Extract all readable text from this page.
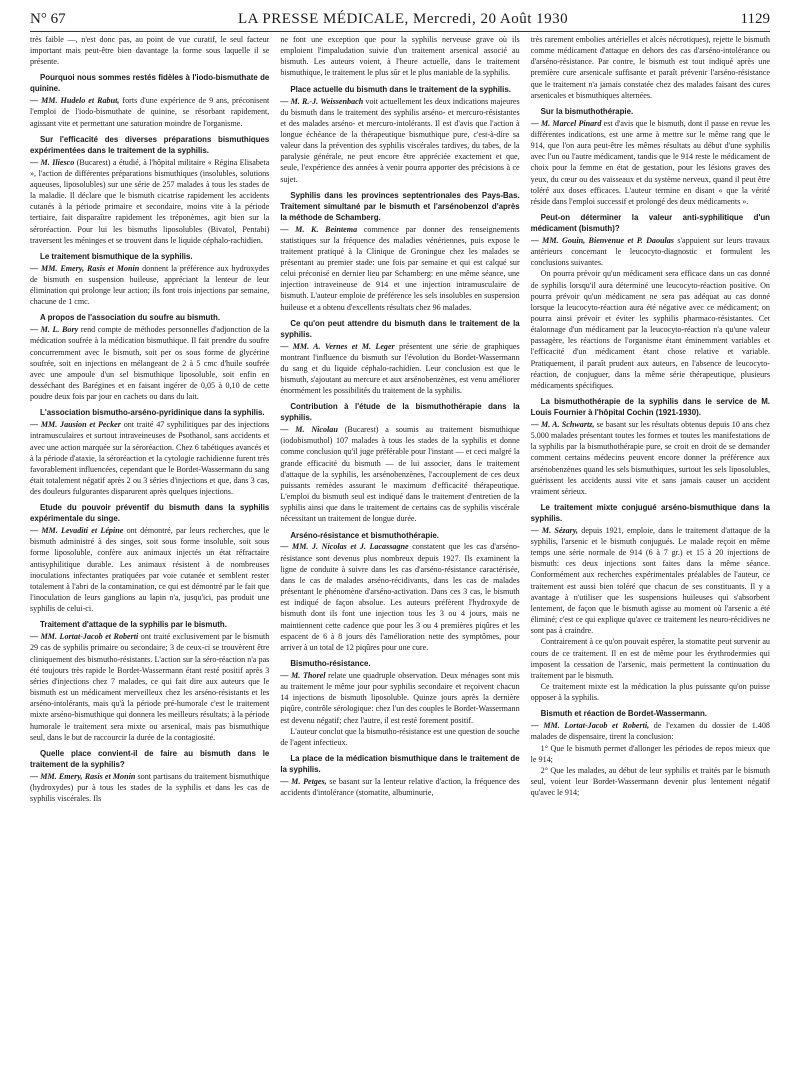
N° 67	LA PRESSE MÉDICALE, Mercredi, 20 Août 1930	1129

très faible —, n'est donc pas, au point de vue curatif, le seul facteur important mais peut-être bien davantage la forme sous laquelle il se présente.

Pourquoi nous sommes restés fidèles à l'iodo-bismuthate de quinine.

— MM. Hudelo et Rabut, forts d'une expérience de 9 ans, préconisent l'emploi de l'iodo-bismuthate de quinine, se résorbant rapidement, agissant vite et permettant une saturation moindre de l'organisme.

Sur l'efficacité des diverses préparations bismuthiques expérimentées dans le traitement de la syphilis.

— M. Iliesco (Bucarest) a étudié, à l'hôpital militaire « Régina Elisabeta », l'action de différentes préparations bismuthiques (insolubles, solutions aqueuses, liposolubles) sur une série de 257 malades à tous les stades de la maladie. Il déclare que le bismuth cicatrise rapidement les accidents cutanés à la période primaire et secondaire, moins vite à la période tertiaire, fait disparaître rapidement les tréponèmes, agit bien sur la séroréaction. Pour lui les bismuths liposolubles (Bivatol, Pentabi) traversent les méninges et se trouvent dans le liquide céphalo-rachidien.

Le traitement bismuthique de la syphilis.

— MM. Emery, Rasis et Monin donnent la préférence aux hydroxydes de bismuth en suspension huileuse, appréciant la lenteur de leur élimination qui prolonge leur action; ils font trois injections par semaine, chacune de 1 cmc.

A propos de l'association du soufre au bismuth.

— M. L. Bory rend compte de méthodes personnelles d'adjonction de la médication soufrée à la médication bismuthique. Il fait prendre du soufre concurremment avec le bismuth, soit per os sous forme de glycérine soufrée, soit en injections en mélangeant de 2 à 5 cmc d'huile soufrée avec une ampoule d'un sel bismuthique liposoluble, soit enfin en desséchant des Barégines et en faisant ingérer de 0,05 à 0,10 de cette poudre deux fois par jour en cachets ou dans du lait.

L'association bismutho-arséno-pyridinique dans la syphilis.

— MM. Jausion et Pecker ont traité 47 syphilitiques par des injections intramusculaires et surtout intraveineuses de Psothanol, sans accidents et avec une action marquée sur la séroréaction. Chez 6 tabétiques avancés et à la période d'ataxie, la séroréaction et la cytologie rachidienne furent très favorablement influencées, cependant que le Bordet-Wassermann du sang était totalement négatif après 2 ou 3 séries d'injections et que, dans 3 cas, des douleurs fulgurantes disparurent après quelques injections.

Etude du pouvoir préventif du bismuth dans la syphilis expérimentale du singe.

— MM. Levaditi et Lépine ont démontré, par leurs recherches, que le bismuth administré à des singes, soit sous forme insoluble, soit sous forme liposoluble, confère aux animaux injectés un état réfractaire antisyphilitique durable. Les animaux résistent à de nombreuses inoculations infectantes pratiquées par voie cutanée et semblent rester totalement à l'abri de la contamination, ce qui est démontré par le fait que l'inoculation de leurs ganglions au lapin n'a, jusqu'ici, pas produit une syphilis de celui-ci.

Traitement d'attaque de la syphilis par le bismuth.

— MM. Lortat-Jacob et Roberti ont traité exclusivement par le bismuth 29 cas de syphilis primaire ou secondaire; 3 de ceux-ci se trouvèrent être cliniquement des bismutho-résistants. L'action sur la séro-réaction n'a pas été toujours très rapide le Bordet-Wassermann étant resté positif après 3 séries d'injections chez 7 malades, ce qui fait dire aux auteurs que le bismuth est un médicament merveilleux chez les arséno-résistants et les arséno-intolérants, mais qu'à la période pré-humorale c'est le traitement mixte arséno-bismuthique qui donnera les meilleurs résultats; à la période humorale le traitement sera mixte ou arsenical, mais pas bismuthique seul, dans le but de raccourcir la durée de la contagiosité.

Quelle place convient-il de faire au bismuth dans le traitement de la syphilis?

— MM. Emery, Rasis et Monin sont partisans du traitement bismuthique (hydroxydes) pur à tous les stades de la syphilis et dans les cas de syphilis viscérales. Ils

ne font une exception que pour la syphilis nerveuse grave où ils emploient l'impaludation suivie d'un traitement arsenical associé au bismuth. Les auteurs voient, à l'heure actuelle, dans le traitement bismuthique, le traitement le plus sûr et le plus maniable de la syphilis.

Place actuelle du bismuth dans le traitement de la syphilis.

— M. R.-J. Weissenbach voit actuellement les deux indications majeures du bismuth dans le traitement des syphilis arséno- et mercuro-résistantes et des malades arséno- et mercuro-intolérants. Il est d'avis que l'action à longue échéance de la thérapeutique bismuthique pure, c'est-à-dire sa valeur dans la prévention des syphilis viscérales tardives, du tabes, de la paralysie générale, ne peut encore être appréciée exactement et que, seule, l'expérience des années à venir pourra apporter des précisions à ce sujet.

Syphilis dans les provinces septentrionales des Pays-Bas. Traitement simultané par le bismuth et l'arsénobenzol d'après la méthode de Schamberg.

— M. K. Beintema commence par donner des renseignements statistiques sur la fréquence des maladies vénériennes, puis expose le traitement pratiqué à la Clinique de Groningue chez les malades se présentant au premier stade: une fois par semaine et qui est calqué sur celui préconisé en dernier lieu par Schamberg: en une même séance, une injection intraveineuse de 914 et une injection intramusculaire de bismuth. L'auteur emploie de préférence les sels insolubles en suspension huileuse et a obtenu d'excellents résultats chez 96 malades.

Ce qu'on peut attendre du bismuth dans le traitement de la syphilis.

— MM. A. Vernes et M. Leger présentent une série de graphiques montrant l'influence du bismuth sur l'évolution du Bordet-Wassermann du sang et du liquide céphalo-rachidien. Leur conclusion est que le bismuth, s'ajoutant au mercure et aux arsénobenzènes, est venu améliorer énormément les possibilités du traitement de la syphilis.

Contribution à l'étude de la bismuthothérapie dans la syphilis.

— M. Nicolau (Bucarest) a soumis au traitement bismuthique (iodobismuthol) 107 malades à tous les stades de la syphilis et donne comme conclusion qu'il juge préférable pour l'instant — et ceci malgré la grande efficacité du bismuth — de lui associer, dans le traitement d'attaque de la syphilis, les arsénobenzènes, l'accouplement de ces deux puissants remèdes assurant le maximum d'efficacité thérapeutique. L'emploi du bismuth seul est indiqué dans le traitement d'entretien de la syphilis ainsi que dans le traitement de certains cas de syphilis viscérale nécessitant un traitement de longue durée.

Arséno-résistance et bismuthothérapie.

— MM. J. Nicolas et J. Lacassagne constatent que les cas d'arséno-résistance sont devenus plus nombreux depuis 1927. Ils examinent la ligne de conduite à suivre dans les cas d'arséno-résistance caractérisée, dans le cas de malades arséno-récidivants, dans les cas de malades présentant le phénomène d'arséno-activation. Dans ces 3 cas, le bismuth est indiqué de façon absolue. Les auteurs préfèrent l'hydroxyde de bismuth dont ils font une injection tous les 3 ou 4 jours, mais ne maintiennent cette cadence que pour les 3 ou 4 premières piqûres et les espacent de 6 à 8 jours dès l'amélioration nette des symptômes, pour arriver à un total de 12 piqûres pour une cure.

Bismutho-résistance.

— M. Thorel relate une quadruple observation. Deux ménages sont mis au traitement le même jour pour syphilis secondaire et reçoivent chacun 14 injections de bismuth liposoluble. Quinze jours après la dernière piqûre, contrôle sérologique: chez l'un des couples le Bordet-Wassermann est devenu négatif; chez l'autre, il est resté forement positif.

L'auteur conclut que la bismutho-résistance est une question de souche de l'agent infectieux.

La place de la médication bismuthique dans le traitement de la syphilis.

— M. Petges, se basant sur la lenteur relative d'action, la fréquence des accidents d'intolérance (stomatite, albuminurie,

très rarement embolies artérielles et alcès nécrotiques), rejette le bismuth comme médicament d'attaque en dehors des cas d'arséno-intolérance ou d'arséno-résistance. Par contre, le bismuth est tout indiqué après une première cure arsenicale suffisante et paraît prévenir l'arséno-résistance que le traitement n'a jamais constatée chez des malades faisant des cures arsenicales et bismuthiques alternées.

Sur la bismuthothérapie.

— M. Marcel Pinard est d'avis que le bismuth, dont il passe en revue les différentes indications, est une arme à mettre sur le même rang que le 914, que l'on aura peut-être les mêmes résultats au début d'une syphilis avec l'un ou l'autre médicament, tandis que le 914 reste le médicament de choix pour la femme en état de gestation, pour les lésions graves des yeux, du cœur ou des vaisseaux et du système nerveux, quand il peut être toléré aux doses efficaces. L'auteur termine en disant « que la vérité réside dans l'emploi successif et prolongé des deux médicaments ».

Peut-on déterminer la valeur anti-syphilitique d'un médicament (bismuth)?

— MM. Gouin, Bienvenue et P. Daoulas s'appuient sur leurs travaux antérieurs concernant le leucocyto-diagnostic et formulent les conclusions suivantes.

On pourra prévoir qu'un médicament sera efficace dans un cas donné de syphilis lorsqu'il aura déterminé une leucocyto-réaction positive. On pourra prévoir qu'un médicament ne sera pas adéquat au cas donné lorsque la leucocyto-réaction aura été négative avec ce médicament; on pourra ainsi prévoir et éviter les syphilis pharmaco-résistantes. Cet étalonnage d'un médicament par la leucocyto-réaction n'a qu'une valeur passagère, les réactions de l'organisme étant éminemment variables et l'efficacité d'un médicament étant chose relative et variable. Pratiquement, il paraît prudent aux auteurs, en l'absence de leucocyto-réaction, de conjuguer, dans la même série thérapeutique, plusieurs médicaments spécifiques.

La bismuthothérapie de la syphilis dans le service de M. Louis Fournier à l'hôpital Cochin (1921-1930).

— M. A. Schwartz, se basant sur les résultats obtenus depuis 10 ans chez 5.000 malades présentant toutes les formes et toutes les manifestations de la syphilis par la bismuthothérapie pure, se croit en droit de se demander comment certains médecins peuvent encore donner la préférence aux arsénobenzènes quand les sels bismuthiques, surtout les sels liposolubles, guérissent les accidents aussi vite et sans jamais causer un accident vraiment sérieux.

Le traitement mixte conjugué arséno-bismuthique dans la syphilis.

— M. Sézary, depuis 1921, emploie, dans le traitement d'attaque de la syphilis, l'arsenic et le bismuth conjugués. Le malade reçoit en même temps une série normale de 914 (6 à 7 gr.) et 15 à 20 injections de bismuth: ces deux injections sont faites dans la même séance. Conformément aux recherches expérimentales préalables de l'auteur, ce traitement est aussi bien toléré que chacun de ses constituants. Il y a avantage à n'utiliser que les suspensions huileuses qui s'absorbent lentement, de façon que le bismuth agisse au moment où l'arsenic a été éliminé; c'est ce qui explique qu'avec ce traitement les neuro-récidives ne sont pas à craindre.

Contrairement à ce qu'on pouvait espérer, la stomatite peut survenir au cours de ce traitement. Il en est de même pour les érythrodermies qui imposent la cessation de l'arsenic, mais permettent la continuation du traitement par le bismuth.

Ce traitement mixte est la médication la plus puissante qu'on puisse opposer à la syphilis.

Bismuth et réaction de Bordet-Wassermann.

— MM. Lortat-Jacob et Roberti, de l'examen du dossier de 1.408 malades de dispensaire, tirent la conclusion:

1° Que le bismuth permet d'allonger les périodes de repos mieux que le 914;

2° Que les malades, au début de leur syphilis et traités par le bismuth seul, voient leur Bordet-Wassermann devenir plus lentement négatif qu'avec le 914;
